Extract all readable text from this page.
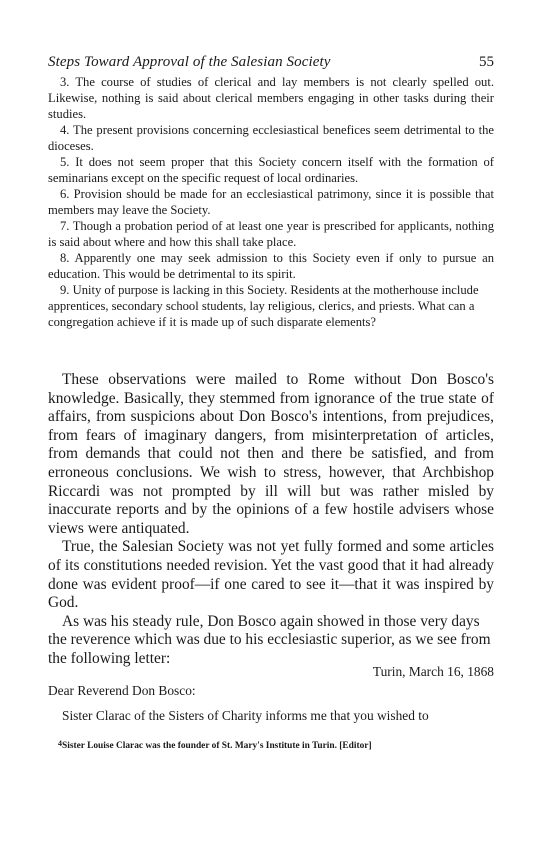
Steps Toward Approval of the Salesian Society	55

3. The course of studies of clerical and lay members is not clearly spelled out. Likewise, nothing is said about clerical members engaging in other tasks during their studies.

4. The present provisions concerning ecclesiastical benefices seem detrimental to the dioceses.

5. It does not seem proper that this Society concern itself with the formation of seminarians except on the specific request of local ordinaries.

6. Provision should be made for an ecclesiastical patrimony, since it is possible that members may leave the Society.

7. Though a probation period of at least one year is prescribed for applicants, nothing is said about where and how this shall take place.

8. Apparently one may seek admission to this Society even if only to pursue an education. This would be detrimental to its spirit.

9. Unity of purpose is lacking in this Society. Residents at the motherhouse include apprentices, secondary school students, lay religious, clerics, and priests. What can a congregation achieve if it is made up of such disparate elements?

These observations were mailed to Rome without Don Bosco's knowledge. Basically, they stemmed from ignorance of the true state of affairs, from suspicions about Don Bosco's intentions, from prejudices, from fears of imaginary dangers, from misinterpretation of articles, from demands that could not then and there be satisfied, and from erroneous conclusions. We wish to stress, however, that Archbishop Riccardi was not prompted by ill will but was rather misled by inaccurate reports and by the opinions of a few hostile advisers whose views were antiquated.

True, the Salesian Society was not yet fully formed and some articles of its constitutions needed revision. Yet the vast good that it had already done was evident proof—if one cared to see it—that it was inspired by God.

As was his steady rule, Don Bosco again showed in those very days the reverence which was due to his ecclesiastic superior, as we see from the following letter:

Turin, March 16, 1868
Dear Reverend Don Bosco:
Sister Clarac of the Sisters of Charity informs me that you wished to
$^4$Sister Louise Clarac was the founder of St. Mary's Institute in Turin. [Editor]
